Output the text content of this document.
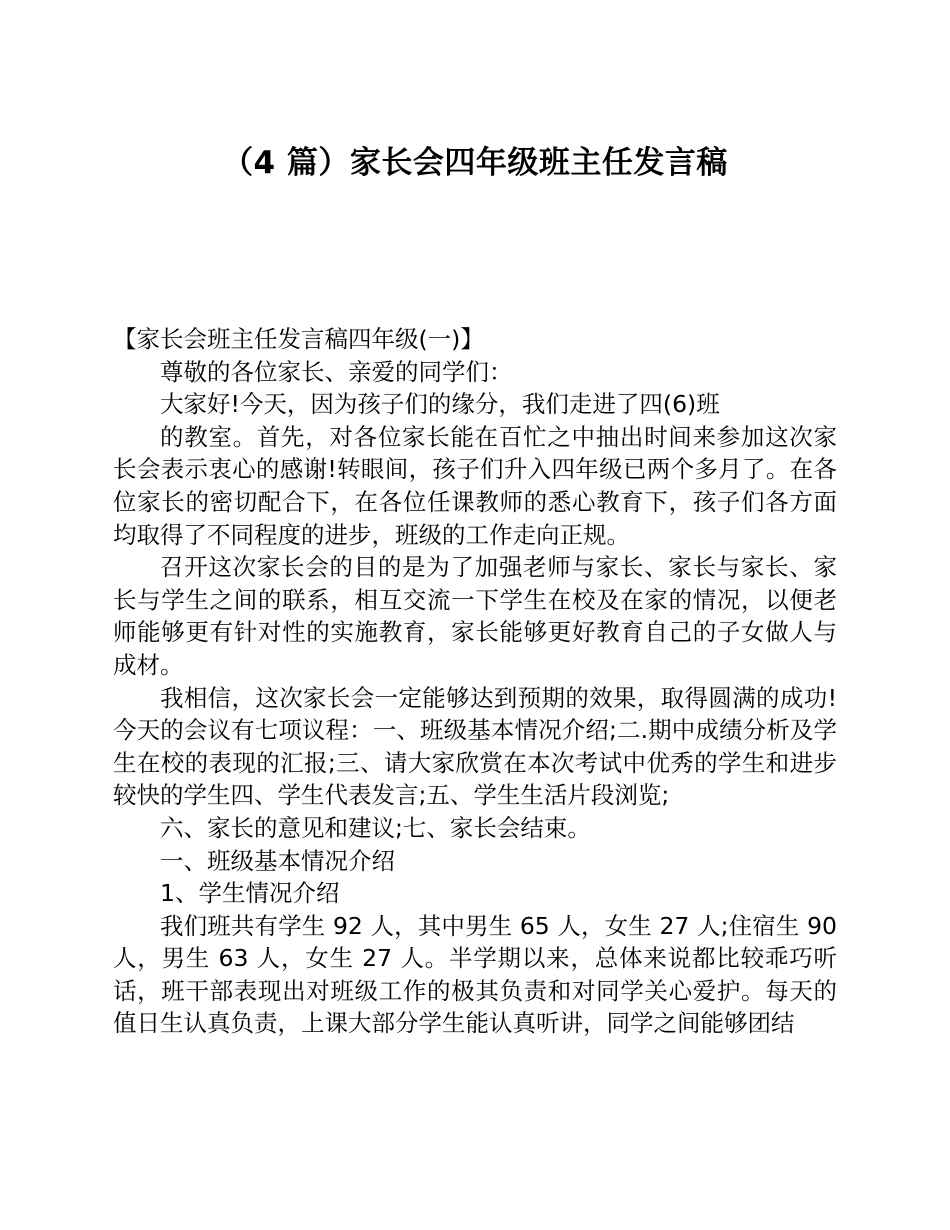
（4 篇）家长会四年级班主任发言稿

【家长会班主任发言稿四年级(一)】

尊敬的各位家长、亲爱的同学们：

大家好!今天，因为孩子们的缘分，我们走进了四(6)班

的教室。首先，对各位家长能在百忙之中抽出时间来参加这次家长会表示衷心的感谢!转眼间，孩子们升入四年级已两个多月了。在各位家长的密切配合下，在各位任课教师的悉心教育下，孩子们各方面均取得了不同程度的进步，班级的工作走向正规。

召开这次家长会的目的是为了加强老师与家长、家长与家长、家长与学生之间的联系，相互交流一下学生在校及在家的情况，以便老师能够更有针对性的实施教育，家长能够更好教育自己的子女做人与成材。

我相信，这次家长会一定能够达到预期的效果，取得圆满的成功! 今天的会议有七项议程：一、班级基本情况介绍;二.期中成绩分析及学生在校的表现的汇报;三、请大家欣赏在本次考试中优秀的学生和进步较快的学生四、学生代表发言;五、学生生活片段浏览;

六、家长的意见和建议;七、家长会结束。

一、班级基本情况介绍

1、学生情况介绍

我们班共有学生 92 人，其中男生 65 人，女生 27 人;住宿生 90 人，男生 63 人，女生 27 人。半学期以来，总体来说都比较乖巧听话，班干部表现出对班级工作的极其负责和对同学关心爱护。每天的值日生认真负责，上课大部分学生能认真听讲，同学之间能够团结
